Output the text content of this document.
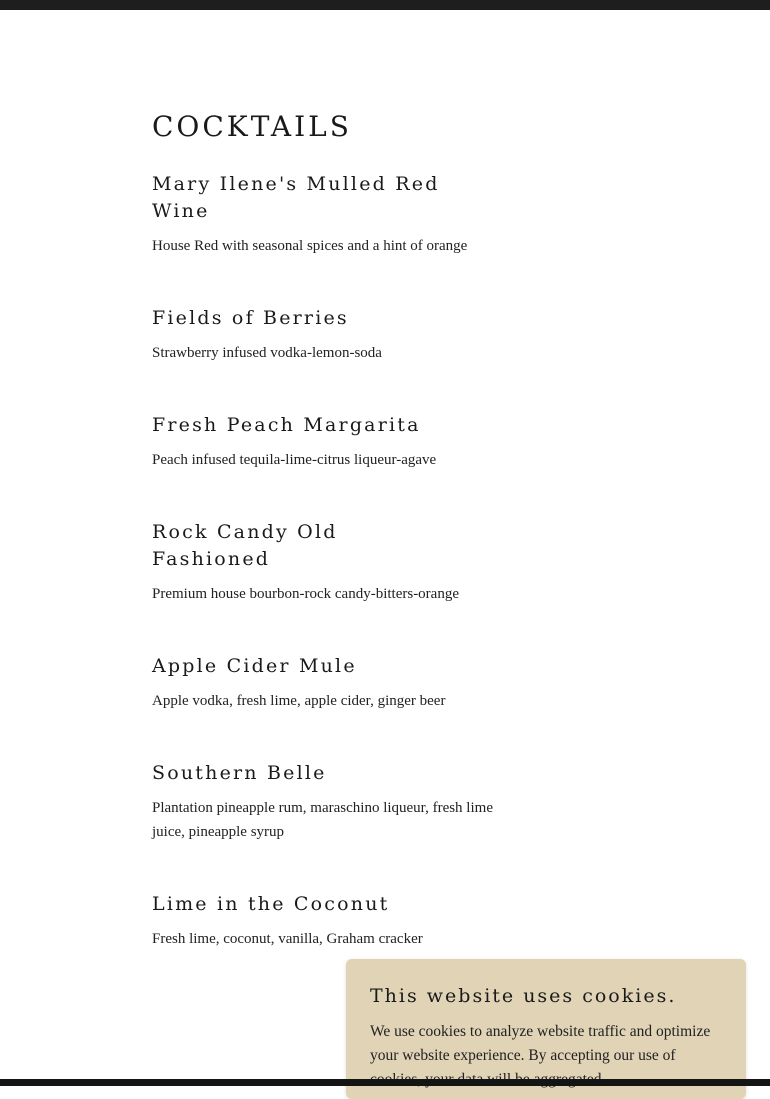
COCKTAILS
Mary Ilene's Mulled Red Wine

House Red with seasonal spices and a hint of orange

Fields of Berries

Strawberry infused vodka-lemon-soda

Fresh Peach Margarita

Peach infused tequila-lime-citrus liqueur-agave

Rock Candy Old Fashioned

Premium house bourbon-rock candy-bitters-orange

Apple Cider Mule

Apple vodka, fresh lime, apple cider, ginger beer

Southern Belle

Plantation pineapple rum, maraschino liqueur, fresh lime juice, pineapple syrup

Lime in the Coconut

Fresh lime, coconut, vanilla, Graham cracker

This website uses cookies.

We use cookies to analyze website traffic and optimize your website experience. By accepting our use of
